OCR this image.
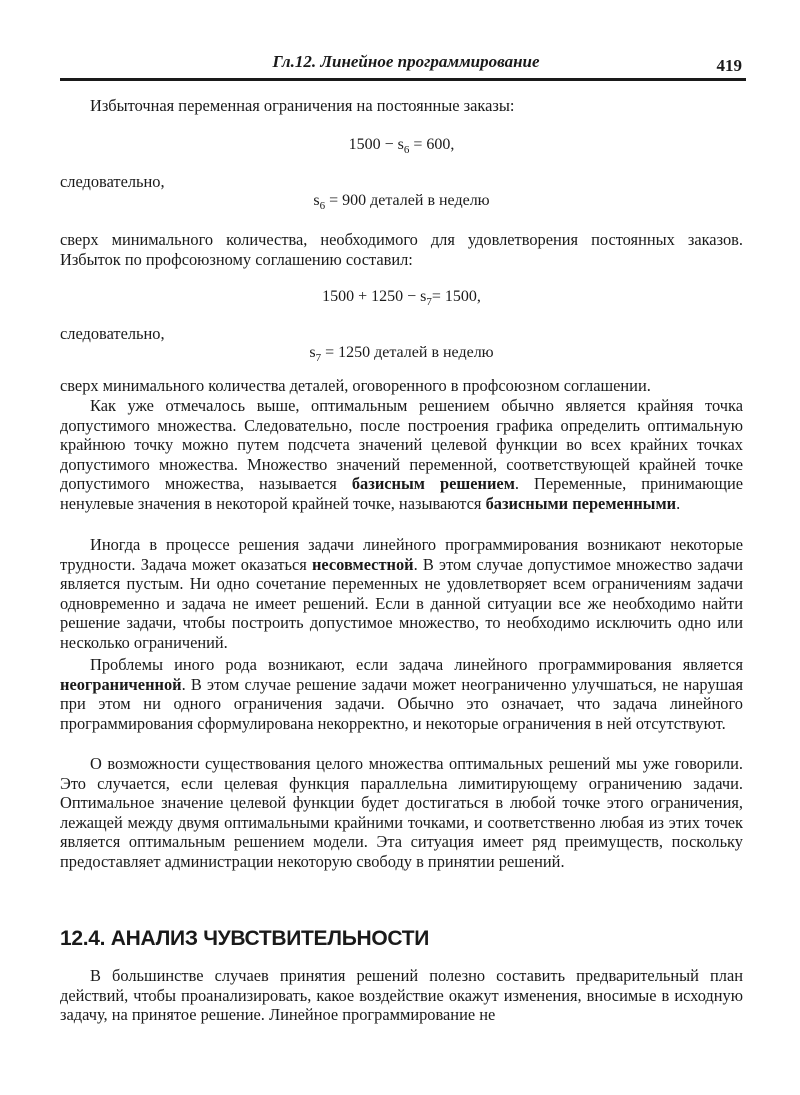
Гл.12. Линейное программирование	419
Избыточная переменная ограничения на постоянные заказы:
$1500 - s_6 = 600$,
следовательно,
$s_6 = 900$ деталей в неделю
сверх минимального количества, необходимого для удовлетворения постоянных заказов. Избыток по профсоюзному соглашению составил:
$1500 + 1250 - s_7= 1500$,
следовательно,
$s_7 = 1250$ деталей в неделю
сверх минимального количества деталей, оговоренного в профсоюзном соглашении.
Как уже отмечалось выше, оптимальным решением обычно является крайняя точка допустимого множества. Следовательно, после построения графика определить оптимальную крайнюю точку можно путем подсчета значений целевой функции во всех крайних точках допустимого множества. Множество значений переменной, соответствующей крайней точке допустимого множества, называется базисным решением. Переменные, принимающие ненулевые значения в некоторой крайней точке, называются базисными переменными.
Иногда в процессе решения задачи линейного программирования возникают некоторые трудности. Задача может оказаться несовместной. В этом случае допустимое множество задачи является пустым. Ни одно сочетание переменных не удовлетворяет всем ограничениям задачи одновременно и задача не имеет решений. Если в данной ситуации все же необходимо найти решение задачи, чтобы построить допустимое множество, то необходимо исключить одно или несколько ограничений.
Проблемы иного рода возникают, если задача линейного программирования является неограниченной. В этом случае решение задачи может неограниченно улучшаться, не нарушая при этом ни одного ограничения задачи. Обычно это означает, что задача линейного программирования сформулирована некорректно, и некоторые ограничения в ней отсутствуют.
О возможности существования целого множества оптимальных решений мы уже говорили. Это случается, если целевая функция параллельна лимитирующему ограничению задачи. Оптимальное значение целевой функции будет достигаться в любой точке этого ограничения, лежащей между двумя оптимальными крайними точками, и соответственно любая из этих точек является оптимальным решением модели. Эта ситуация имеет ряд преимуществ, поскольку предоставляет администрации некоторую свободу в принятии решений.
12.4. АНАЛИЗ ЧУВСТВИТЕЛЬНОСТИ
В большинстве случаев принятия решений полезно составить предварительный план действий, чтобы проанализировать, какое воздействие окажут изменения, вносимые в исходную задачу, на принятое решение. Линейное программирование не
